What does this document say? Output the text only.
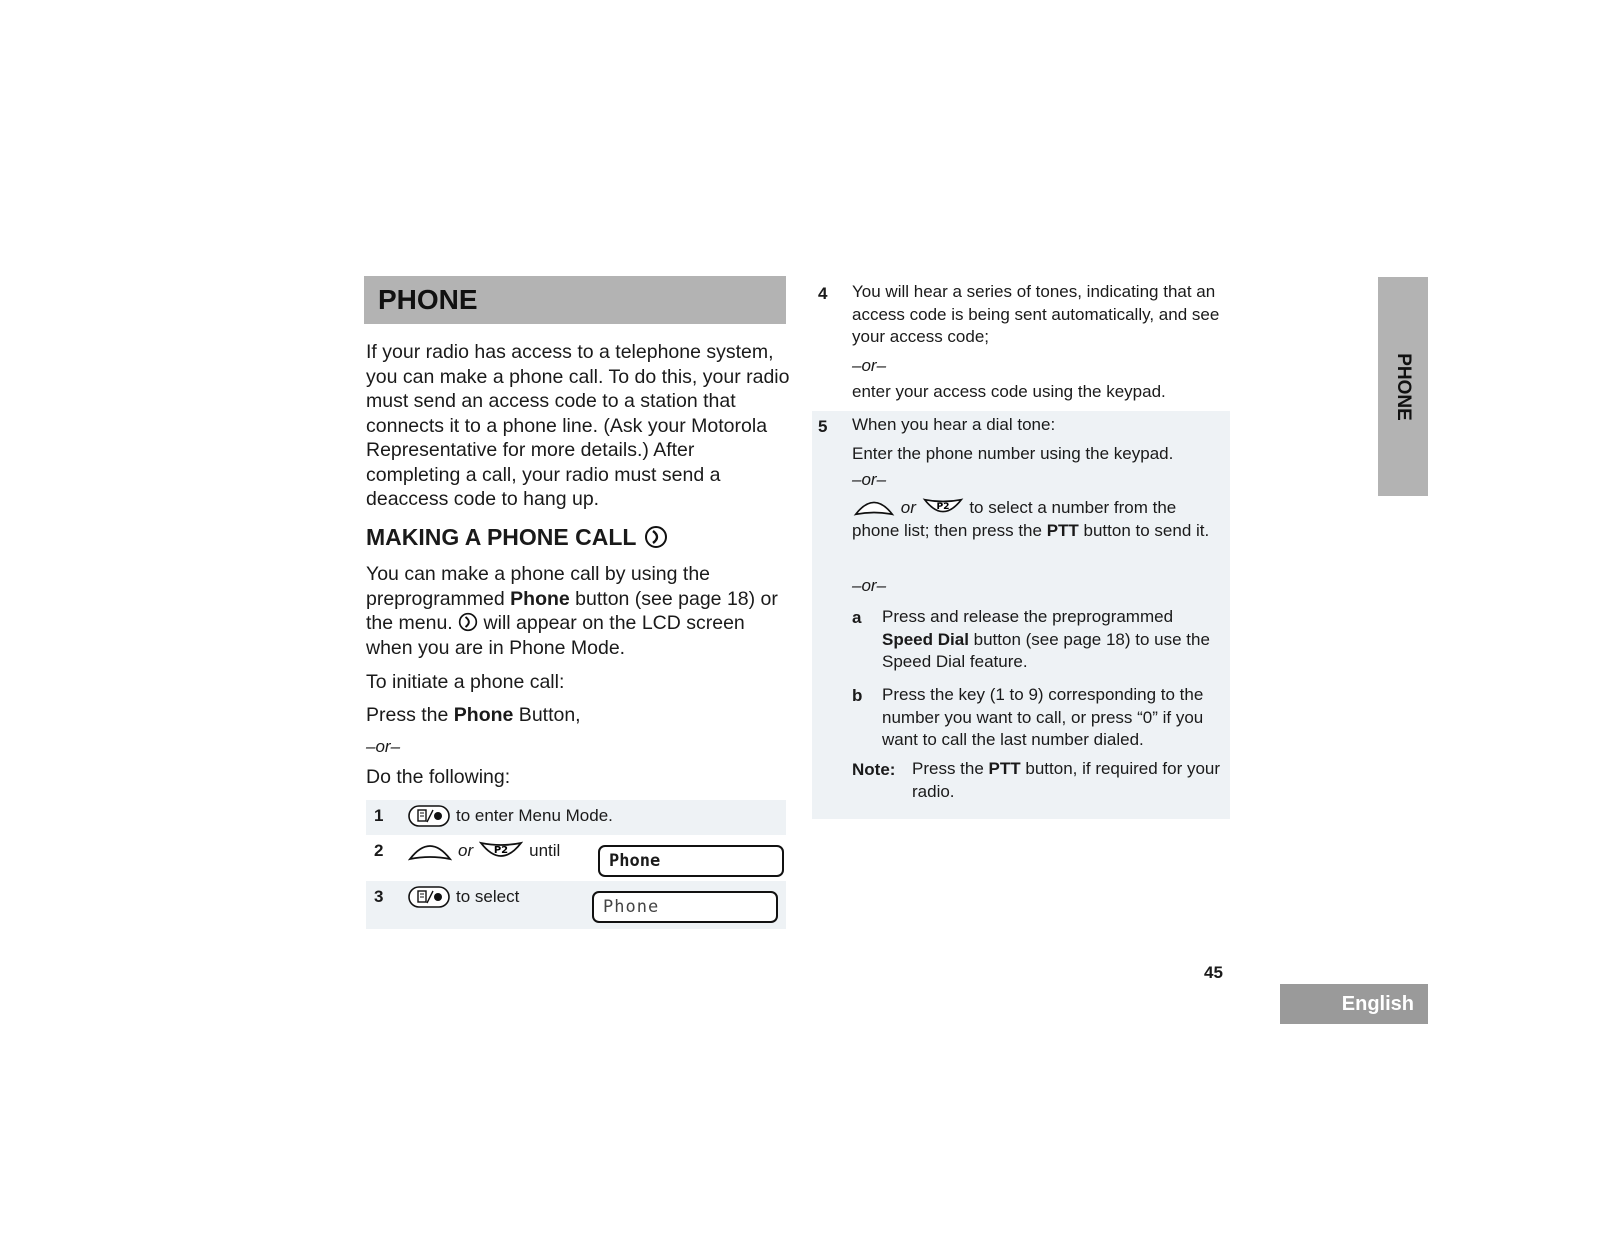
PHONE
If your radio has access to a telephone system, you can make a phone call. To do this, your radio must send an access code to a station that connects it to a phone line. (Ask your Motorola Representative for more details.) After completing a call, your radio must send a deaccess code to hang up.
MAKING A PHONE CALL
You can make a phone call by using the preprogrammed Phone button (see page 18) or the menu.
will appear on the LCD screen when you are in Phone Mode.
To initiate a phone call:
Press the Phone Button,
–or–
Do the following:
1	to enter Menu Mode.
2	or P2 until
Phone
3	to select
Phone
4 You will hear a series of tones, indicating that an access code is being sent automatically, and see your access code;
–or–
enter your access code using the keypad.
5 When you hear a dial tone:
Enter the phone number using the keypad.
–or–
or P2 to select a number from the phone list; then press the PTT button to send it.
–or–
a Press and release the preprogrammed Speed Dial button (see page 18) to use the Speed Dial feature.
b Press the key (1 to 9) corresponding to the number you want to call, or press “0” if you want to call the last number dialed.
Note: Press the PTT button, if required for your radio.
PHONE
45
English
